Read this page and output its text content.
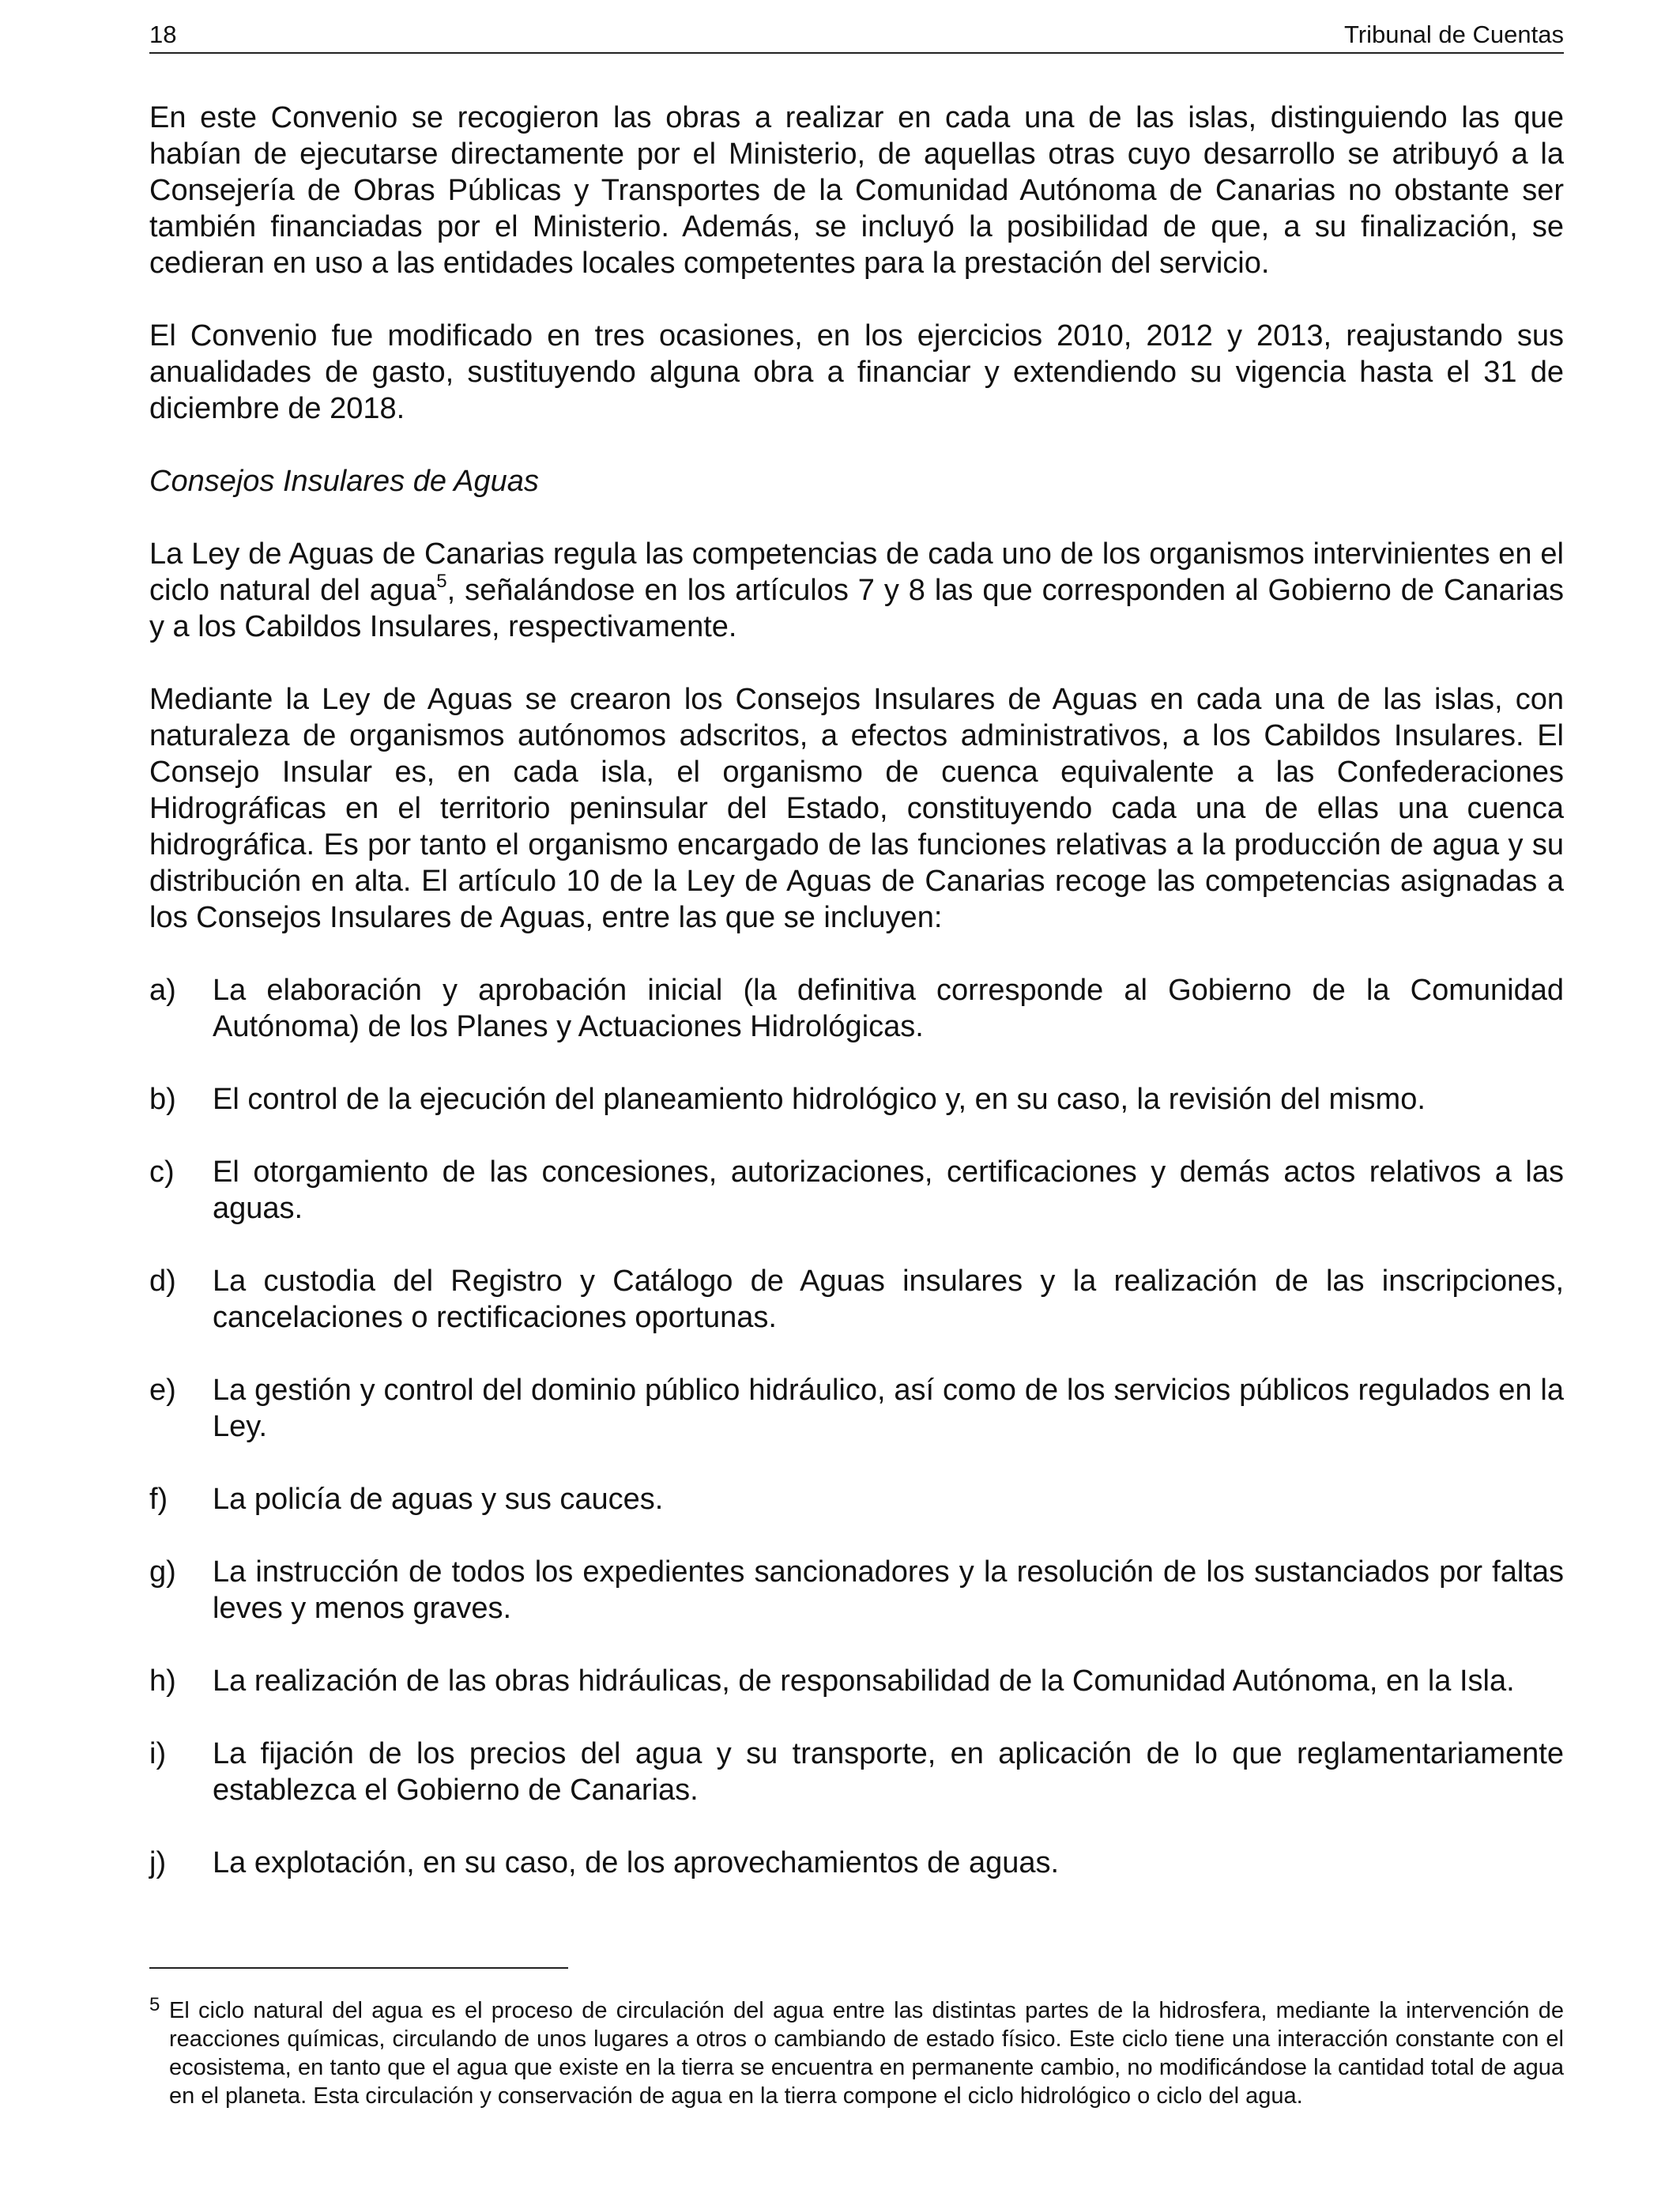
18	Tribunal de Cuentas

En este Convenio se recogieron las obras a realizar en cada una de las islas, distinguiendo las que habían de ejecutarse directamente por el Ministerio, de aquellas otras cuyo desarrollo se atribuyó a la Consejería de Obras Públicas y Transportes de la Comunidad Autónoma de Canarias no obstante ser también financiadas por el Ministerio. Además, se incluyó la posibilidad de que, a su finalización, se cedieran en uso a las entidades locales competentes para la prestación del servicio.

El Convenio fue modificado en tres ocasiones, en los ejercicios 2010, 2012 y 2013, reajustando sus anualidades de gasto, sustituyendo alguna obra a financiar y extendiendo su vigencia hasta el 31 de diciembre de 2018.

Consejos Insulares de Aguas

La Ley de Aguas de Canarias regula las competencias de cada uno de los organismos intervinientes en el ciclo natural del agua$^5$, señalándose en los artículos 7 y 8 las que corresponden al Gobierno de Canarias y a los Cabildos Insulares, respectivamente.

Mediante la Ley de Aguas se crearon los Consejos Insulares de Aguas en cada una de las islas, con naturaleza de organismos autónomos adscritos, a efectos administrativos, a los Cabildos Insulares. El Consejo Insular es, en cada isla, el organismo de cuenca equivalente a las Confederaciones Hidrográficas en el territorio peninsular del Estado, constituyendo cada una de ellas una cuenca hidrográfica. Es por tanto el organismo encargado de las funciones relativas a la producción de agua y su distribución en alta. El artículo 10 de la Ley de Aguas de Canarias recoge las competencias asignadas a los Consejos Insulares de Aguas, entre las que se incluyen:

a)	La elaboración y aprobación inicial (la definitiva corresponde al Gobierno de la Comunidad Autónoma) de los Planes y Actuaciones Hidrológicas.
b)	El control de la ejecución del planeamiento hidrológico y, en su caso, la revisión del mismo.
c)	El otorgamiento de las concesiones, autorizaciones, certificaciones y demás actos relativos a las aguas.
d)	La custodia del Registro y Catálogo de Aguas insulares y la realización de las inscripciones, cancelaciones o rectificaciones oportunas.
e)	La gestión y control del dominio público hidráulico, así como de los servicios públicos regulados en la Ley.
f)	La policía de aguas y sus cauces.
g)	La instrucción de todos los expedientes sancionadores y la resolución de los sustanciados por faltas leves y menos graves.
h)	La realización de las obras hidráulicas, de responsabilidad de la Comunidad Autónoma, en la Isla.
i)	La fijación de los precios del agua y su transporte, en aplicación de lo que reglamentariamente establezca el Gobierno de Canarias.
j)	La explotación, en su caso, de los aprovechamientos de aguas.
5 El ciclo natural del agua es el proceso de circulación del agua entre las distintas partes de la hidrosfera, mediante la intervención de reacciones químicas, circulando de unos lugares a otros o cambiando de estado físico. Este ciclo tiene una interacción constante con el ecosistema, en tanto que el agua que existe en la tierra se encuentra en permanente cambio, no modificándose la cantidad total de agua en el planeta. Esta circulación y conservación de agua en la tierra compone el ciclo hidrológico o ciclo del agua.
